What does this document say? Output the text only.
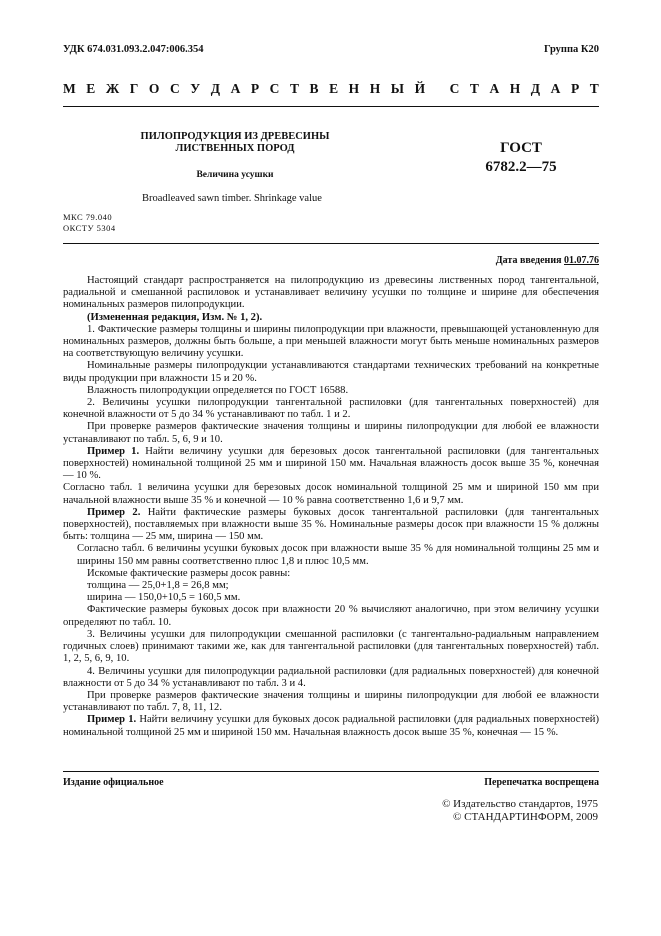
УДК 674.031.093.2.047:006.354	Группа К20
М Е Ж Г О С У Д А Р С Т В Е Н Н Ы Й
С Т А Н Д А Р Т
ПИЛОПРОДУКЦИЯ ИЗ ДРЕВЕСИНЫ
ЛИСТВЕННЫХ ПОРОД
Величина усушки
ГОСТ
6782.2—75
Broadleaved sawn timber. Shrinkage value
МКС 79.040
ОКСТУ 5304
Дата введения 01.07.76

Настоящий стандарт распространяется на пилопродукцию из древесины лиственных пород тангентальной, радиальной и смешанной распиловок и устанавливает величину усушки по толщине и ширине для обеспечения номинальных размеров пилопродукции.

(Измененная редакция, Изм. № 1, 2).

1. Фактические размеры толщины и ширины пилопродукции при влажности, превышающей установленную для номинальных размеров, должны быть больше, а при меньшей влажности могут быть меньше номинальных размеров на соответствующую величину усушки.

Номинальные размеры пилопродукции устанавливаются стандартами технических требований на конкретные виды продукции при влажности 15 и 20 %.

Влажность пилопродукции определяется по ГОСТ 16588.

2. Величины усушки пилопродукции тангентальной распиловки (для тангентальных поверхностей) для конечной влажности от 5 до 34 % устанавливают по табл. 1 и 2.

При проверке размеров фактические значения толщины и ширины пилопродукции для любой ее влажности устанавливают по табл. 5, 6, 9 и 10.

Пример 1. Найти величину усушки для березовых досок тангентальной распиловки (для тангентальных поверхностей) номинальной толщиной 25 мм и шириной 150 мм. Начальная влажность досок выше 35 %, конечная — 10 %.

Согласно табл. 1 величина усушки для березовых досок номинальной толщиной 25 мм и шириной 150 мм при начальной влажности выше 35 % и конечной — 10 % равна соответственно 1,6 и 9,7 мм.

Пример 2. Найти фактические размеры буковых досок тангентальной распиловки (для тангентальных поверхностей), поставляемых при влажности выше 35 %. Номинальные размеры досок при влажности 15 % должны быть: толщина — 25 мм, ширина — 150 мм.

Согласно табл. 6 величины усушки буковых досок при влажности выше 35 % для номинальной толщины 25 мм и ширины 150 мм равны соответственно плюс 1,8 и плюс 10,5 мм.

Искомые фактические размеры досок равны:

толщина — 25,0+1,8 = 26,8 мм;

ширина — 150,0+10,5 = 160,5 мм.

Фактические размеры буковых досок при влажности 20 % вычисляют аналогично, при этом величину усушки определяют по табл. 10.

3. Величины усушки для пилопродукции смешанной распиловки (с тангентально-радиальным направлением годичных слоев) принимают такими же, как для тангентальной распиловки (для тангентальных поверхностей) табл. 1, 2, 5, 6, 9, 10.

4. Величины усушки для пилопродукции радиальной распиловки (для радиальных поверхностей) для конечной влажности от 5 до 34 % устанавливают по табл. 3 и 4.

При проверке размеров фактические значения толщины и ширины пилопродукции для любой ее влажности устанавливают по табл. 7, 8, 11, 12.

Пример 1. Найти величину усушки для буковых досок радиальной распиловки (для радиальных поверхностей) номинальной толщиной 25 мм и шириной 150 мм. Начальная влажность досок выше 35 %, конечная — 15 %.

Издание официальное	Перепечатка воспрещена
© Издательство стандартов, 1975
© СТАНДАРТИНФОРМ, 2009
